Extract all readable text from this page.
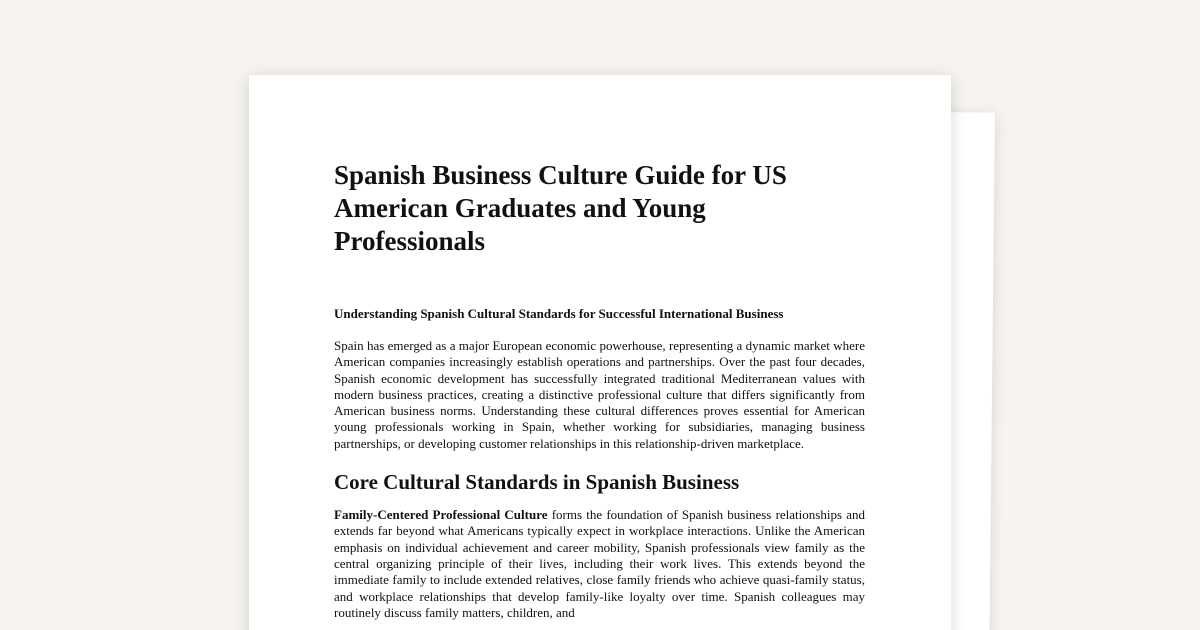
Spanish Business Culture Guide for US American Graduates and Young Professionals

Understanding Spanish Cultural Standards for Successful International Business

Spain has emerged as a major European economic powerhouse, representing a dynamic market where American companies increasingly establish operations and partnerships. Over the past four decades, Spanish economic development has successfully integrated traditional Mediterranean values with modern business practices, creating a distinctive professional culture that differs significantly from American business norms. Understanding these cultural differences proves essential for American young professionals working in Spain, whether working for subsidiaries, managing business partnerships, or developing customer relationships in this relationship-driven marketplace.

Core Cultural Standards in Spanish Business

Family-Centered Professional Culture forms the foundation of Spanish business relationships and extends far beyond what Americans typically expect in workplace interactions. Unlike the American emphasis on individual achievement and career mobility, Spanish professionals view family as the central organizing principle of their lives, including their work lives. This extends beyond the immediate family to include extended relatives, close family friends who achieve quasi-family status, and workplace relationships that develop family-like loyalty over time. Spanish colleagues may routinely discuss family matters, children, and
